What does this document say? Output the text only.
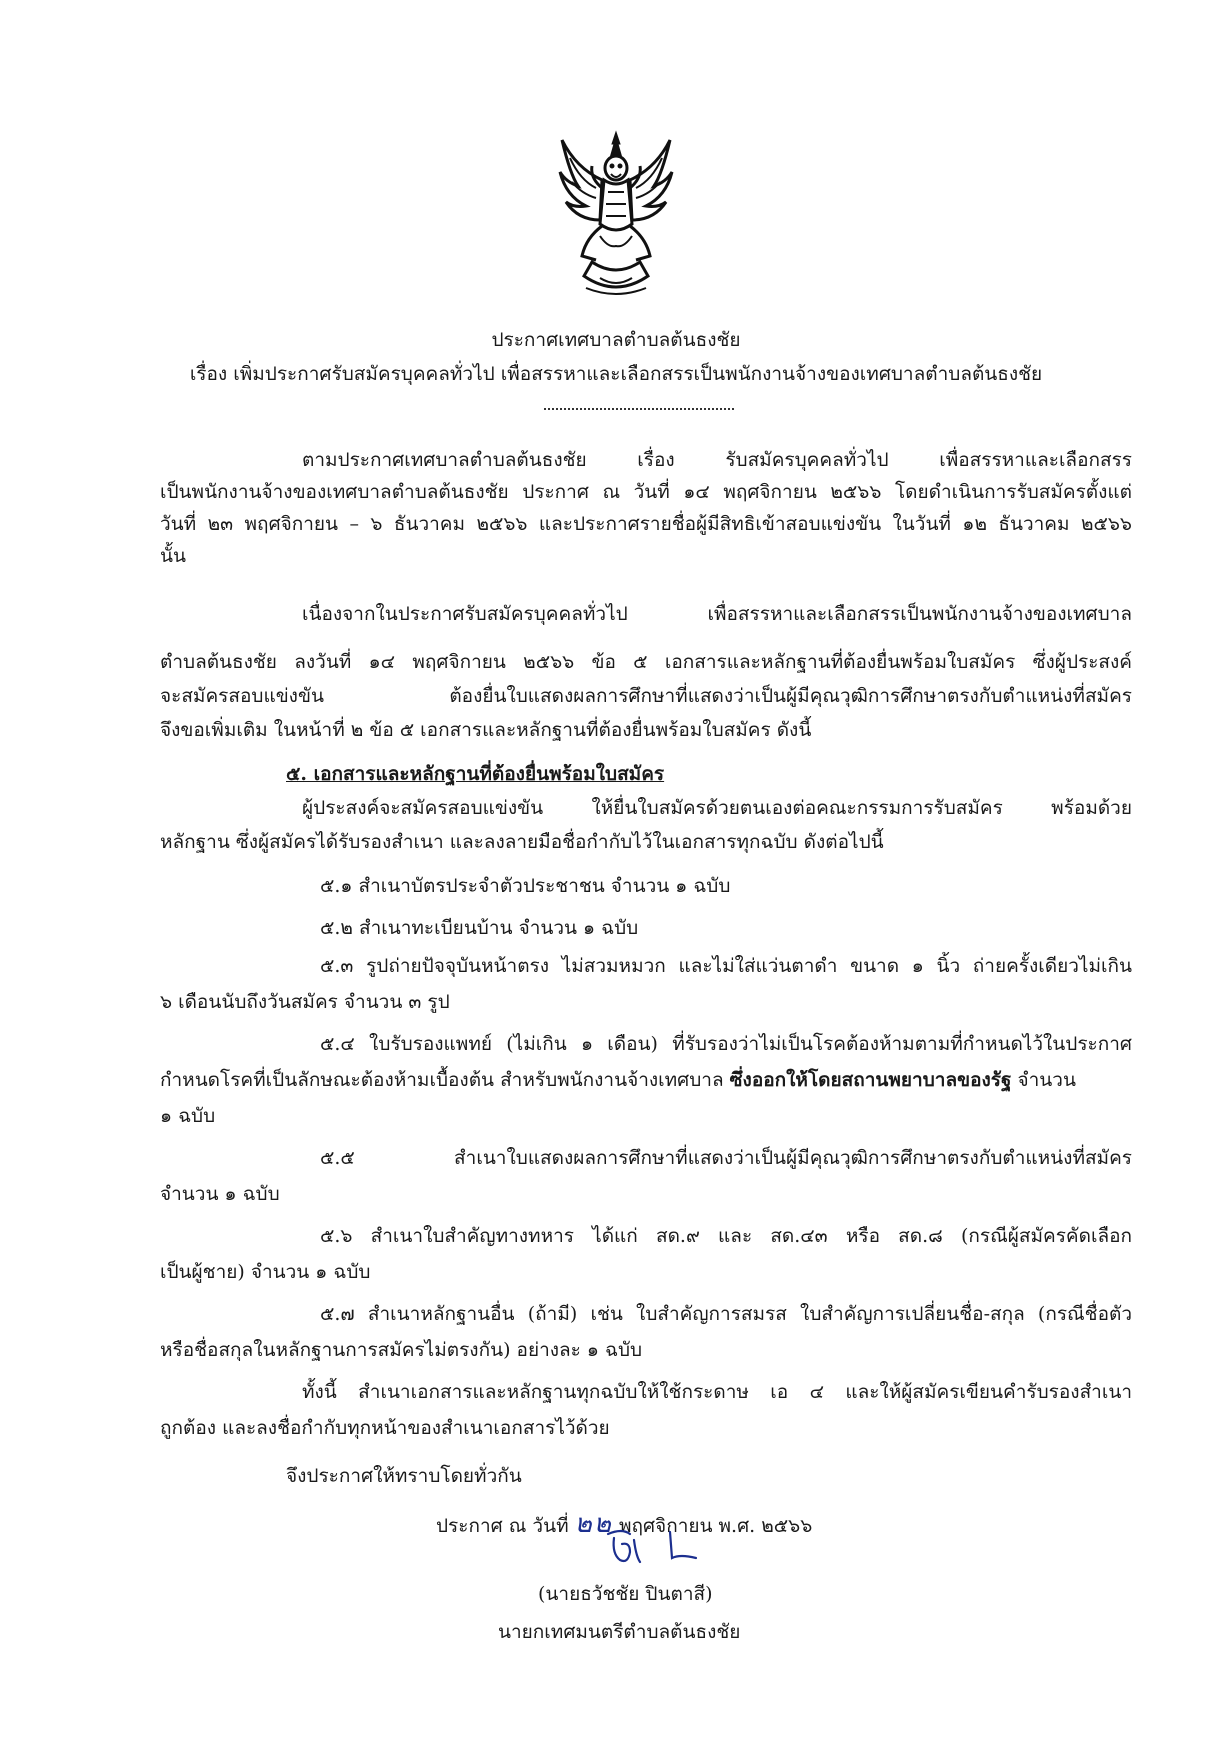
ประกาศเทศบาลตำบลต้นธงชัย
เรื่อง เพิ่มประกาศรับสมัครบุคคลทั่วไป เพื่อสรรหาและเลือกสรรเป็นพนักงานจ้างของเทศบาลตำบลต้นธงชัย
ตามประกาศเทศบาลตำบลต้นธงชัย เรื่อง รับสมัครบุคคลทั่วไป เพื่อสรรหาและเลือกสรร
เป็นพนักงานจ้างของเทศบาลตำบลต้นธงชัย ประกาศ ณ วันที่ ๑๔ พฤศจิกายน ๒๕๖๖ โดยดำเนินการรับสมัครตั้งแต่
วันที่ ๒๓ พฤศจิกายน – ๖ ธันวาคม ๒๕๖๖ และประกาศรายชื่อผู้มีสิทธิเข้าสอบแข่งขัน ในวันที่ ๑๒ ธันวาคม ๒๕๖๖
นั้น
เนื่องจากในประกาศรับสมัครบุคคลทั่วไป เพื่อสรรหาและเลือกสรรเป็นพนักงานจ้างของเทศบาล
ตำบลต้นธงชัย ลงวันที่ ๑๔ พฤศจิกายน ๒๕๖๖ ข้อ ๕ เอกสารและหลักฐานที่ต้องยื่นพร้อมใบสมัคร ซึ่งผู้ประสงค์
จะสมัครสอบแข่งขัน ต้องยื่นใบแสดงผลการศึกษาที่แสดงว่าเป็นผู้มีคุณวุฒิการศึกษาตรงกับตำแหน่งที่สมัคร
จึงขอเพิ่มเติม ในหน้าที่ ๒ ข้อ ๕ เอกสารและหลักฐานที่ต้องยื่นพร้อมใบสมัคร ดังนี้
๕. เอกสารและหลักฐานที่ต้องยื่นพร้อมใบสมัคร
ผู้ประสงค์จะสมัครสอบแข่งขัน ให้ยื่นใบสมัครด้วยตนเองต่อคณะกรรมการรับสมัคร พร้อมด้วย
หลักฐาน ซึ่งผู้สมัครได้รับรองสำเนา และลงลายมือชื่อกำกับไว้ในเอกสารทุกฉบับ ดังต่อไปนี้
๕.๑ สำเนาบัตรประจำตัวประชาชน จำนวน ๑ ฉบับ
๕.๒ สำเนาทะเบียนบ้าน จำนวน ๑ ฉบับ
๕.๓ รูปถ่ายปัจจุบันหน้าตรง ไม่สวมหมวก และไม่ใส่แว่นตาดำ ขนาด ๑ นิ้ว ถ่ายครั้งเดียวไม่เกิน
๖ เดือนนับถึงวันสมัคร จำนวน ๓ รูป
๕.๔ ใบรับรองแพทย์ (ไม่เกิน ๑ เดือน) ที่รับรองว่าไม่เป็นโรคต้องห้ามตามที่กำหนดไว้ในประกาศ
กำหนดโรคที่เป็นลักษณะต้องห้ามเบื้องต้น สำหรับพนักงานจ้างเทศบาล ซึ่งออกให้โดยสถานพยาบาลของรัฐ จำนวน
๑ ฉบับ
๕.๕ สำเนาใบแสดงผลการศึกษาที่แสดงว่าเป็นผู้มีคุณวุฒิการศึกษาตรงกับตำแหน่งที่สมัคร
จำนวน ๑ ฉบับ
๕.๖ สำเนาใบสำคัญทางทหาร ได้แก่ สด.๙ และ สด.๔๓ หรือ สด.๘ (กรณีผู้สมัครคัดเลือก
เป็นผู้ชาย) จำนวน ๑ ฉบับ
๕.๗ สำเนาหลักฐานอื่น (ถ้ามี) เช่น ใบสำคัญการสมรส ใบสำคัญการเปลี่ยนชื่อ-สกุล (กรณีชื่อตัว
หรือชื่อสกุลในหลักฐานการสมัครไม่ตรงกัน) อย่างละ ๑ ฉบับ
ทั้งนี้ สำเนาเอกสารและหลักฐานทุกฉบับให้ใช้กระดาษ เอ ๔ และให้ผู้สมัครเขียนคำรับรองสำเนา
ถูกต้อง และลงชื่อกำกับทุกหน้าของสำเนาเอกสารไว้ด้วย
จึงประกาศให้ทราบโดยทั่วกัน
ประกาศ ณ วันที่ ๒๒ พฤศจิกายน พ.ศ. ๒๕๖๖
(นายธวัชชัย ปินตาสี)
นายกเทศมนตรีตำบลต้นธงชัย
